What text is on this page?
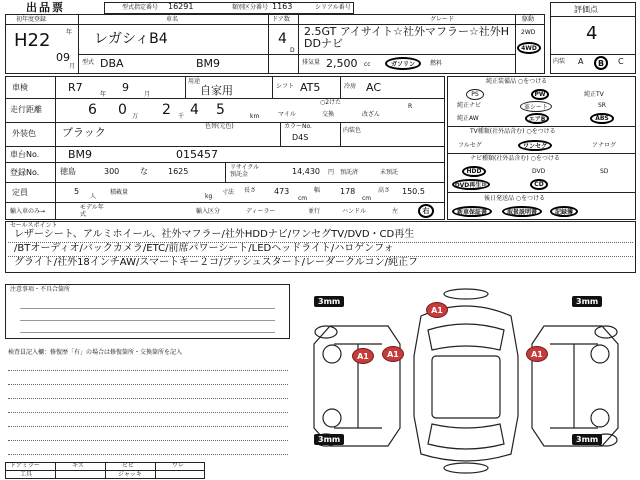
出品票	型式指定番号 16291	類別区分番号 1163	シリアル番号
初年度登録
H22	年
09
月
車名
レガシィB4
ドア数
4
D
グレード
2.5GT アイサイト☆社外マフラー☆社外HDDナビ
駆動
2WD
4WD
評価点
4
内装 A	B	C
型式 DBA	BM9	排気量 2,500 cc	ガソリン	燃料
車検	R7	9
年	月
用途
自家用	シフト AT5	冷房 AC
走行距離	6 0	2 4 5
万	千	km
○2けた
マイル	交換	改ざん
R
外装色 ブラック	色替(元色)	カラーNo.
D4S
内装色
車台No.	BM9	015457
登録No.	徳島	300	な	1625	リサイクル預託金	14,430 円 預託済	未預託
定員	5
人
積載量
kg
寸法 長さ 473
cm
幅 178
cm
高さ 150.5
輸入車のみ→
モデル年式	輸入区分	ディーラー	並行	ハンドル	左	右
純正装備品 ○をつける
PS	PW	純正TV
純正ナビ	革シート	SR
純正AW	エアB	ABS
TV種類(社外品含む) ○をつける
フルセグ	ワンセグ	アナログ
ナビ種類(社外品含む) ○をつける
HDD	DVD	SD
DVD再生可	CD
後日発送品 ○をつける
新車保証書	取扱説明書	記録簿
セールスポイント
レザーシート、アルミホイール、社外マフラー/社外HDDナビ/ワンセグTV/DVD・CD再生
/BTオーディオ/バックカメラ/ETC/前席パワーシート/LEDヘッドライト/ハロゲンフォ
グライト/社外18インチAW/スマートキー２コ/プッシュスタート/レーダークルコン/純正フ
注意事項・不具合箇所
検査員記入欄：修復歴「有」の場合は修復箇所・交換箇所を記入
ドアミラー	キズ	ヒビ	ワレ
工具	ジャッキ
3mm	3mm
3mm	3mm
A1
A1	A1	A1
